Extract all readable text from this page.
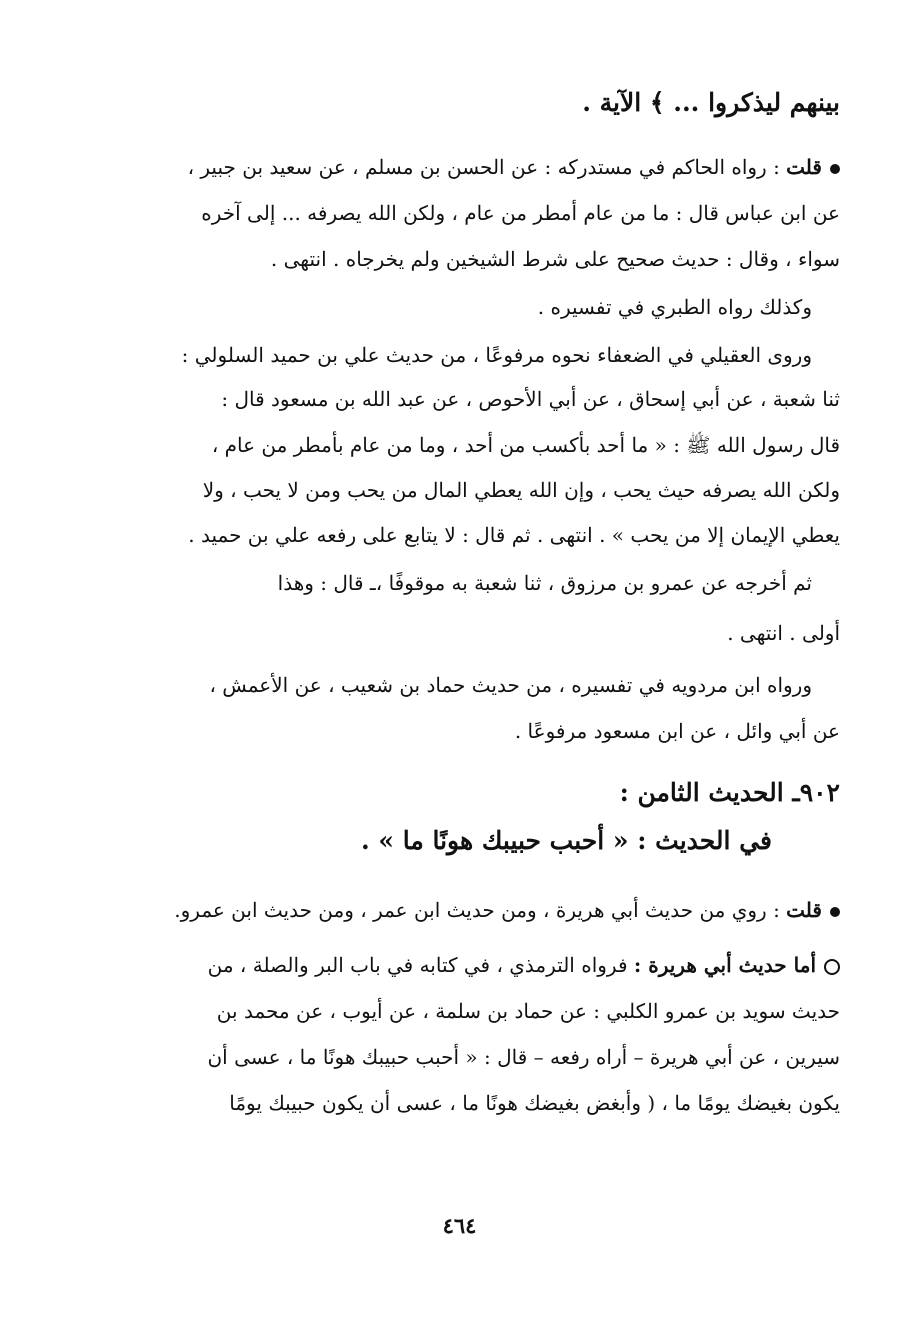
بينهم ليذكروا ... ﴾ الآية .
قلت : رواه الحاكم في مستدركه : عن الحسن بن مسلم ، عن سعيد بن جبير ،
عن ابن عباس قال : ما من عام أمطر من عام ، ولكن الله يصرفه ... إلى آخره
سواء ، وقال : حديث صحيح على شرط الشيخين ولم يخرجاه . انتهى .
وكذلك رواه الطبري في تفسيره .
وروى العقيلي في الضعفاء نحوه مرفوعًا ، من حديث علي بن حميد السلولي :
ثنا شعبة ، عن أبي إسحاق ، عن أبي الأحوص ، عن عبد الله بن مسعود قال :
قال رسول الله ﷺ : « ما أحد بأكسب من أحد ، وما من عام بأمطر من عام ،
ولكن الله يصرفه حيث يحب ، وإن الله يعطي المال من يحب ومن لا يحب ، ولا
يعطي الإيمان إلا من يحب » . انتهى . ثم قال : لا يتابع على رفعه علي بن حميد .
ثم أخرجه عن عمرو بن مرزوق ، ثنا شعبة به موقوفًا ،ـ قال : وهذا
أولى . انتهى .
ورواه ابن مردويه في تفسيره ، من حديث حماد بن شعيب ، عن الأعمش ،
عن أبي وائل ، عن ابن مسعود مرفوعًا .
٩٠٢ـ الحديث الثامن :
في الحديث : « أحبب حبيبك هونًا ما » .
قلت : روي من حديث أبي هريرة ، ومن حديث ابن عمر ، ومن حديث ابن عمرو.
أما حديث أبي هريرة : فرواه الترمذي ، في كتابه في باب البر والصلة ، من
حديث سويد بن عمرو الكلبي : عن حماد بن سلمة ، عن أيوب ، عن محمد بن
سيرين ، عن أبي هريرة – أراه رفعه – قال : « أحبب حبيبك هونًا ما ، عسى أن
يكون بغيضك يومًا ما ، ( وأبغض بغيضك هونًا ما ، عسى أن يكون حبيبك يومًا
٤٦٤
